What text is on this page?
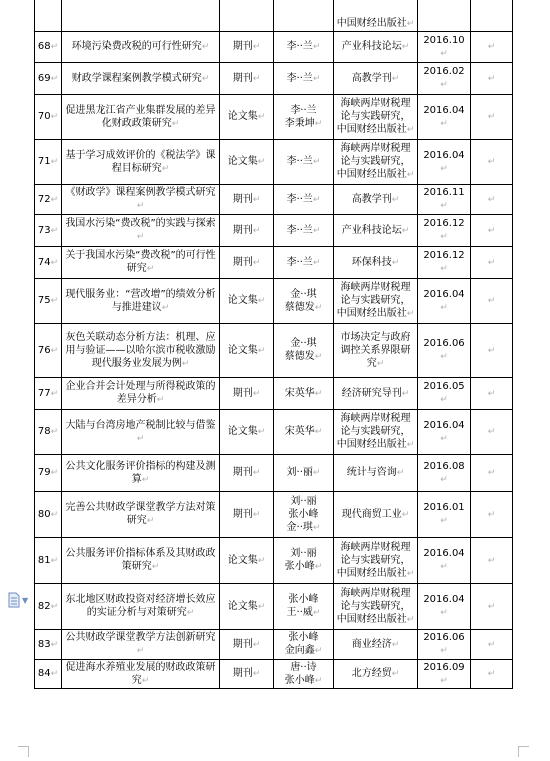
▼
				中国财经出版社↵		
68↵	环境污染费改税的可行性研究↵	期刊↵	李··兰↵	产业科技论坛↵	2016.10↵	↵
69↵	财政学课程案例教学模式研究↵	期刊↵	李··兰↵	高教学刊↵	2016.02↵	↵
70↵	促进黑龙江省产业集群发展的差异化财政政策研究↵	论文集↵	李··兰
李秉坤↵	海峡两岸财税理论与实践研究，中国财经出版社↵	2016.04↵	↵
71↵	基于学习成效评价的《税法学》课程目标研究↵	论文集↵	李··兰↵	海峡两岸财税理论与实践研究，中国财经出版社↵	2016.04↵	↵
72↵	《财政学》课程案例教学模式研究↵	期刊↵	李··兰↵	高教学刊↵	2016.11↵	↵
73↵	我国水污染“费改税”的实践与探索↵	期刊↵	李··兰↵	产业科技论坛↵	2016.12↵	↵
74↵	关于我国水污染“费改税”的可行性研究↵	期刊↵	李··兰↵	环保科技↵	2016.12↵	↵
75↵	现代服务业：“营改增”的绩效分析与推进建议↵	论文集↵	金··琪
蔡德发↵	海峡两岸财税理论与实践研究，中国财经出版社↵	2016.04↵	↵
76↵	灰色关联动态分析方法：机理、应用与验证——以哈尔滨市税收激励现代服务业发展为例↵	论文集↵	金··琪
蔡德发↵	市场决定与政府调控关系界限研究↵	2016.06↵	↵
77↵	企业合并会计处理与所得税政策的差异分析↵	期刊↵	宋英华↵	经济研究导刊↵	2016.05↵	↵
78↵	大陆与台湾房地产税制比较与借鉴↵	论文集↵	宋英华↵	海峡两岸财税理论与实践研究，中国财经出版社↵	2016.04↵	↵
79↵	公共文化服务评价指标的构建及测算↵	期刊↵	刘··丽↵	统计与咨询↵	2016.08↵	↵
80↵	完善公共财政学课堂教学方法对策研究↵	期刊↵	刘··丽
张小峰
金··琪↵	现代商贸工业↵	2016.01↵	↵
81↵	公共服务评价指标体系及其财政政策研究↵	论文集↵	刘··丽
张小峰↵	海峡两岸财税理论与实践研究，中国财经出版社↵	2016.04↵	↵
82↵	东北地区财政投资对经济增长效应的实证分析与对策研究↵	论文集↵	张小峰
王··威↵	海峡两岸财税理论与实践研究，中国财经出版社↵	2016.04↵	↵
83↵	公共财政学课堂教学方法创新研究↵	期刊↵	张小峰
金向鑫↵	商业经济↵	2016.06↵	↵
84↵	促进海水养殖业发展的财政政策研究↵	期刊↵	唐··诗
张小峰↵	北方经贸↵	2016.09↵	↵
